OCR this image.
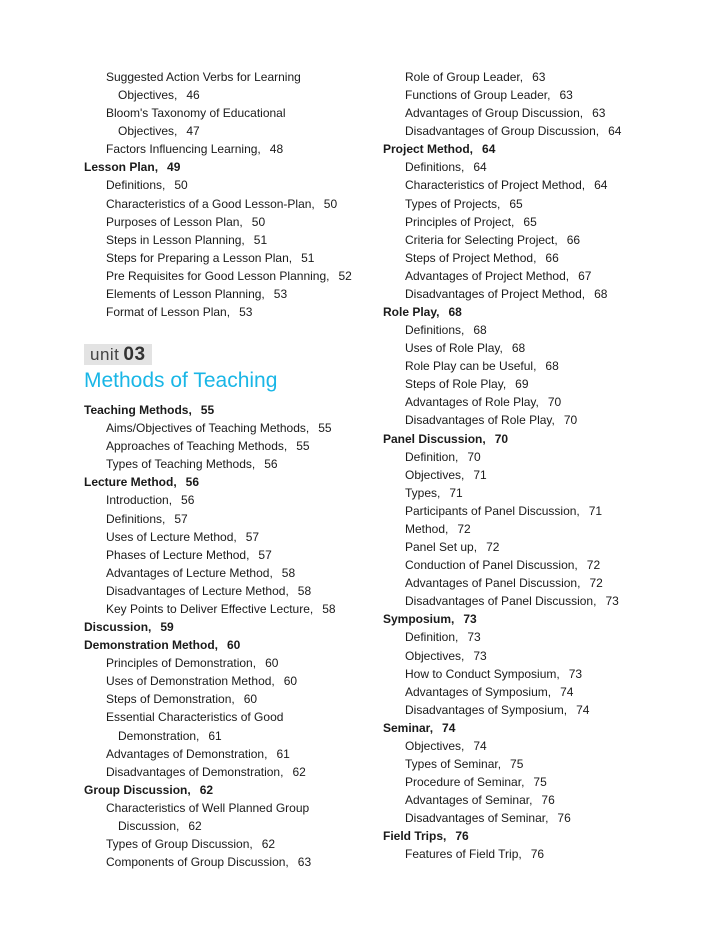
Suggested Action Verbs for Learning
Objectives, 46
Bloom's Taxonomy of Educational
Objectives, 47
Factors Influencing Learning, 48
Lesson Plan, 49
Definitions, 50
Characteristics of a Good Lesson-Plan, 50
Purposes of Lesson Plan, 50
Steps in Lesson Planning, 51
Steps for Preparing a Lesson Plan, 51
Pre Requisites for Good Lesson Planning, 52
Elements of Lesson Planning, 53
Format of Lesson Plan, 53
unit 03
Methods of Teaching
Teaching Methods, 55
Aims/Objectives of Teaching Methods, 55
Approaches of Teaching Methods, 55
Types of Teaching Methods, 56
Lecture Method, 56
Introduction, 56
Definitions, 57
Uses of Lecture Method, 57
Phases of Lecture Method, 57
Advantages of Lecture Method, 58
Disadvantages of Lecture Method, 58
Key Points to Deliver Effective Lecture, 58
Discussion, 59
Demonstration Method, 60
Principles of Demonstration, 60
Uses of Demonstration Method, 60
Steps of Demonstration, 60
Essential Characteristics of Good
Demonstration, 61
Advantages of Demonstration, 61
Disadvantages of Demonstration, 62
Group Discussion, 62
Characteristics of Well Planned Group
Discussion, 62
Types of Group Discussion, 62
Components of Group Discussion, 63
Role of Group Leader, 63
Functions of Group Leader, 63
Advantages of Group Discussion, 63
Disadvantages of Group Discussion, 64
Project Method, 64
Definitions, 64
Characteristics of Project Method, 64
Types of Projects, 65
Principles of Project, 65
Criteria for Selecting Project, 66
Steps of Project Method, 66
Advantages of Project Method, 67
Disadvantages of Project Method, 68
Role Play, 68
Definitions, 68
Uses of Role Play, 68
Role Play can be Useful, 68
Steps of Role Play, 69
Advantages of Role Play, 70
Disadvantages of Role Play, 70
Panel Discussion, 70
Definition, 70
Objectives, 71
Types, 71
Participants of Panel Discussion, 71
Method, 72
Panel Set up, 72
Conduction of Panel Discussion, 72
Advantages of Panel Discussion, 72
Disadvantages of Panel Discussion, 73
Symposium, 73
Definition, 73
Objectives, 73
How to Conduct Symposium, 73
Advantages of Symposium, 74
Disadvantages of Symposium, 74
Seminar, 74
Objectives, 74
Types of Seminar, 75
Procedure of Seminar, 75
Advantages of Seminar, 76
Disadvantages of Seminar, 76
Field Trips, 76
Features of Field Trip, 76
